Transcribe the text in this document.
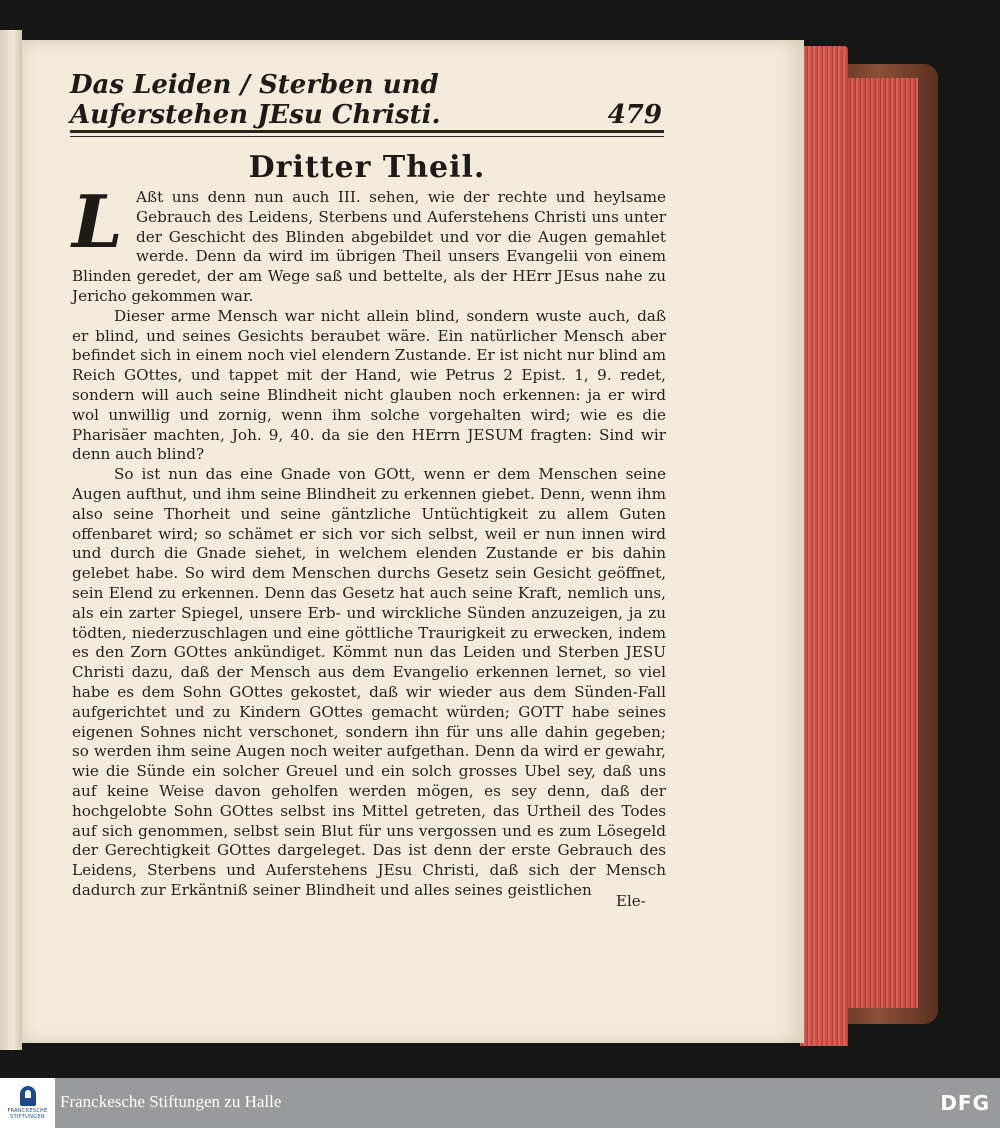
Das Leiden / Sterben und Auferstehen JEsu Christi.	479
Dritter Theil.

L Aßt uns denn nun auch III. sehen, wie der rechte und heylsame Gebrauch des Leidens, Sterbens und Auferstehens Christi uns unter der Geschicht des Blinden abgebildet und vor die Augen gemahlet werde. Denn da wird im übrigen Theil unsers Evangelii von einem Blinden geredet, der am Wege saß und bettelte, als der HErr JEsus nahe zu Jericho gekommen war.

Dieser arme Mensch war nicht allein blind, sondern wuste auch, daß er blind, und seines Gesichts beraubet wäre. Ein natürlicher Mensch aber befindet sich in einem noch viel elendern Zustande. Er ist nicht nur blind am Reich GOttes, und tappet mit der Hand, wie Petrus 2 Epist. 1, 9. redet, sondern will auch seine Blindheit nicht glauben noch erkennen: ja er wird wol unwillig und zornig, wenn ihm solche vorgehalten wird; wie es die Pharisäer machten, Joh. 9, 40. da sie den HErrn JESUM fragten: Sind wir denn auch blind?

So ist nun das eine Gnade von GOtt, wenn er dem Menschen seine Augen aufthut, und ihm seine Blindheit zu erkennen giebet. Denn, wenn ihm also seine Thorheit und seine gäntzliche Untüchtigkeit zu allem Guten offenbaret wird; so schämet er sich vor sich selbst, weil er nun innen wird und durch die Gnade siehet, in welchem elenden Zustande er bis dahin gelebet habe. So wird dem Menschen durchs Gesetz sein Gesicht geöffnet, sein Elend zu erkennen. Denn das Gesetz hat auch seine Kraft, nemlich uns, als ein zarter Spiegel, unsere Erb- und wirckliche Sünden anzuzeigen, ja zu tödten, niederzuschlagen und eine göttliche Traurigkeit zu erwecken, indem es den Zorn GOttes ankündiget. Kömmt nun das Leiden und Sterben JESU Christi dazu, daß der Mensch aus dem Evangelio erkennen lernet, so viel habe es dem Sohn GOttes gekostet, daß wir wieder aus dem Sünden-Fall aufgerichtet und zu Kindern GOttes gemacht würden; GOTT habe seines eigenen Sohnes nicht verschonet, sondern ihn für uns alle dahin gegeben; so werden ihm seine Augen noch weiter aufgethan. Denn da wird er gewahr, wie die Sünde ein solcher Greuel und ein solch grosses Ubel sey, daß uns auf keine Weise davon geholfen werden mögen, es sey denn, daß der hochgelobte Sohn GOttes selbst ins Mittel getreten, das Urtheil des Todes auf sich genommen, selbst sein Blut für uns vergossen und es zum Lösegeld der Gerechtigkeit GOttes dargeleget. Das ist denn der erste Gebrauch des Leidens, Sterbens und Auferstehens JEsu Christi, daß sich der Mensch dadurch zur Erkäntniß seiner Blindheit und alles seines geistlichen

Ele-
FRANCKESCHE STIFTUNGEN
Franckesche Stiftungen zu Halle	DFG
